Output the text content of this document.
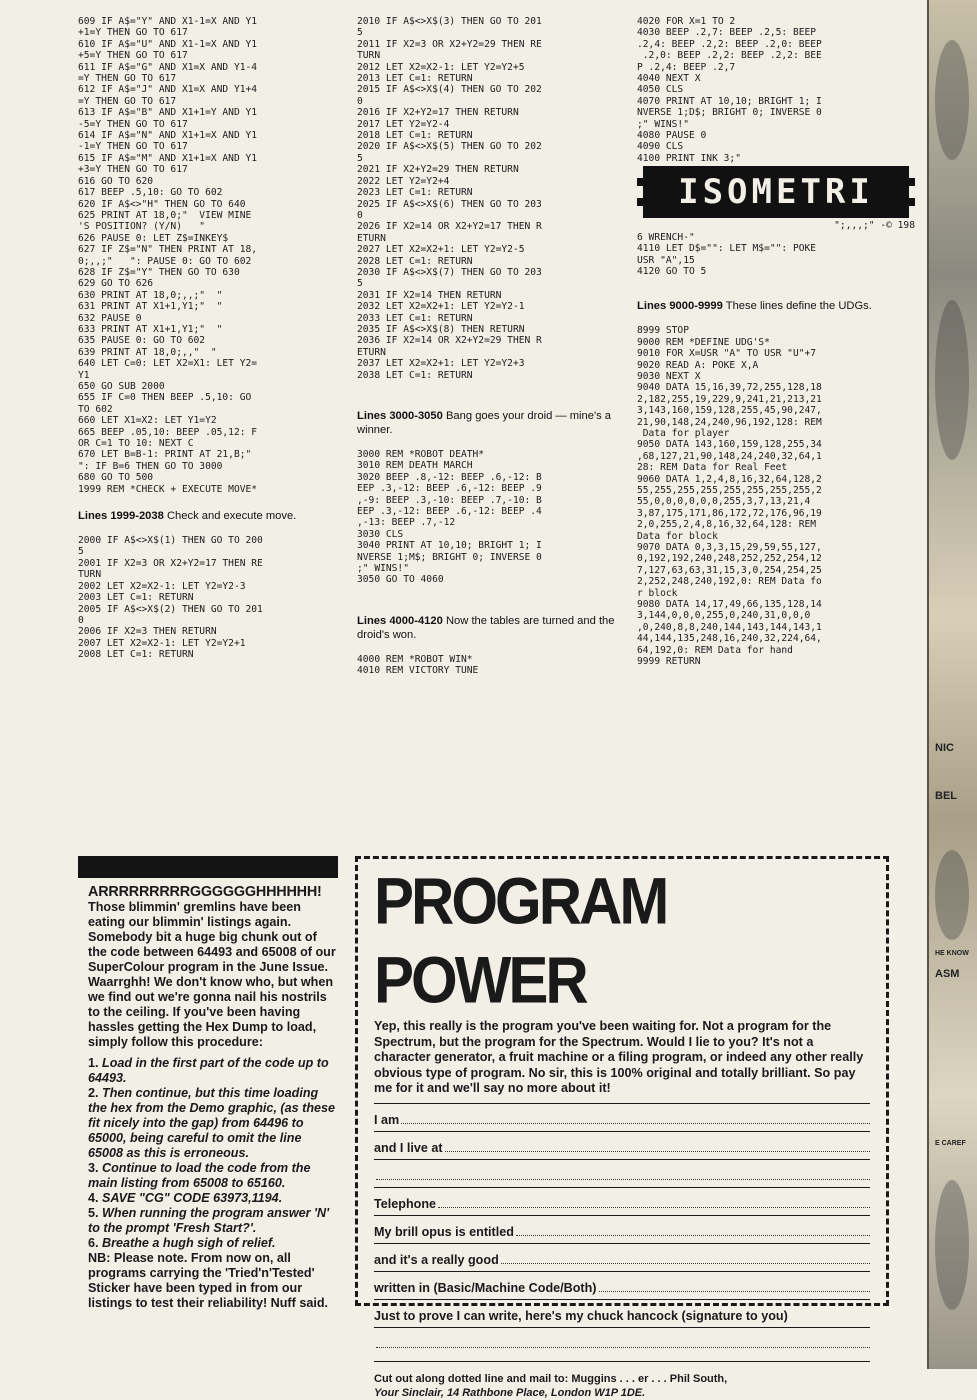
609 IF A$="Y" AND X1-1=X AND Y1
+1=Y THEN GO TO 617
610 IF A$="U" AND X1-1=X AND Y1
+5=Y THEN GO TO 617
611 IF A$="G" AND X1=X AND Y1-4
=Y THEN GO TO 617
612 IF A$="J" AND X1=X AND Y1+4
=Y THEN GO TO 617
613 IF A$="B" AND X1+1=Y AND Y1
-5=Y THEN GO TO 617
614 IF A$="N" AND X1+1=X AND Y1
-1=Y THEN GO TO 617
615 IF A$="M" AND X1+1=X AND Y1
+3=Y THEN GO TO 617
616 GO TO 620
617 BEEP .5,10: GO TO 602
620 IF A$<>"H" THEN GO TO 640
625 PRINT AT 18,0;"  VIEW MINE
'S POSITION? (Y/N)   "
626 PAUSE 0: LET Z$=INKEY$
627 IF Z$="N" THEN PRINT AT 18,
0;,,;"   ": PAUSE 0: GO TO 602
628 IF Z$="Y" THEN GO TO 630
629 GO TO 626
630 PRINT AT 18,0;,,;"  "
631 PRINT AT X1+1,Y1;"  "
632 PAUSE 0
633 PRINT AT X1+1,Y1;"  "
635 PAUSE 0: GO TO 602
639 PRINT AT 18,0;,,"  "
640 LET C=0: LET X2=X1: LET Y2=
Y1
650 GO SUB 2000
655 IF C=0 THEN BEEP .5,10: GO
TO 602
660 LET X1=X2: LET Y1=Y2
665 BEEP .05,10: BEEP .05,12: F
OR C=1 TO 10: NEXT C
670 LET B=B-1: PRINT AT 21,B;"
": IF B=6 THEN GO TO 3000
680 GO TO 500
1999 REM *CHECK + EXECUTE MOVE*

Lines 1999-2038 Check and execute move.

2000 IF A$<>X$(1) THEN GO TO 200
5
2001 IF X2=3 OR X2+Y2=17 THEN RE
TURN
2002 LET X2=X2-1: LET Y2=Y2-3
2003 LET C=1: RETURN
2005 IF A$<>X$(2) THEN GO TO 201
0
2006 IF X2=3 THEN RETURN
2007 LET X2=X2-1: LET Y2=Y2+1
2008 LET C=1: RETURN
2010 IF A$<>X$(3) THEN GO TO 201
5
2011 IF X2=3 OR X2+Y2=29 THEN RE
TURN
2012 LET X2=X2-1: LET Y2=Y2+5
2013 LET C=1: RETURN
2015 IF A$<>X$(4) THEN GO TO 202
0
2016 IF X2+Y2=17 THEN RETURN
2017 LET Y2=Y2-4
2018 LET C=1: RETURN
2020 IF A$<>X$(5) THEN GO TO 202
5
2021 IF X2+Y2=29 THEN RETURN
2022 LET Y2=Y2+4
2023 LET C=1: RETURN
2025 IF A$<>X$(6) THEN GO TO 203
0
2026 IF X2=14 OR X2+Y2=17 THEN R
ETURN
2027 LET X2=X2+1: LET Y2=Y2-5
2028 LET C=1: RETURN
2030 IF A$<>X$(7) THEN GO TO 203
5
2031 IF X2=14 THEN RETURN
2032 LET X2=X2+1: LET Y2=Y2-1
2033 LET C=1: RETURN
2035 IF A$<>X$(8) THEN RETURN
2036 IF X2=14 OR X2+Y2=29 THEN R
ETURN
2037 LET X2=X2+1: LET Y2=Y2+3
2038 LET C=1: RETURN

Lines 3000-3050 Bang goes your droid — mine's a winner.

3000 REM *ROBOT DEATH*
3010 REM DEATH MARCH
3020 BEEP .8,-12: BEEP .6,-12: B
EEP .3,-12: BEEP .6,-12: BEEP .9
,-9: BEEP .3,-10: BEEP .7,-10: B
EEP .3,-12: BEEP .6,-12: BEEP .4
,-13: BEEP .7,-12
3030 CLS
3040 PRINT AT 10,10; BRIGHT 1; I
NVERSE 1;M$; BRIGHT 0; INVERSE 0
;" WINS!"
3050 GO TO 4060

Lines 4000-4120 Now the tables are turned and the droid's won.

4000 REM *ROBOT WIN*
4010 REM VICTORY TUNE
4020 FOR X=1 TO 2
4030 BEEP .2,7: BEEP .2,5: BEEP
.2,4: BEEP .2,2: BEEP .2,0: BEEP
.2,0: BEEP .2,2: BEEP .2,2: BEE
P .2,4: BEEP .2,7
4040 NEXT X
4050 CLS
4070 PRINT AT 10,10; BRIGHT 1; I
NVERSE 1;D$; BRIGHT 0; INVERSE 0
;" WINS!"
4080 PAUSE 0
4090 CLS
4100 PRINT INK 3;"
ISOMETRI
";,,,;" -© 198
6 WRENCH-"
4110 LET D$="": LET M$="": POKE
USR "A",15
4120 GO TO 5

Lines 9000-9999 These lines define the UDGs.

8999 STOP
9000 REM *DEFINE UDG'S*
9010 FOR X=USR "A" TO USR "U"+7
9020 READ A: POKE X,A
9030 NEXT X
9040 DATA 15,16,39,72,255,128,18
2,182,255,19,229,9,241,21,213,21
3,143,160,159,128,255,45,90,247,
21,90,148,24,240,96,192,128: REM
Data for player
9050 DATA 143,160,159,128,255,34
,68,127,21,90,148,24,240,32,64,1
28: REM Data for Real Feet
9060 DATA 1,2,4,8,16,32,64,128,2
55,255,255,255,255,255,255,255,2
55,0,0,0,0,0,0,255,3,7,13,21,4
3,87,175,171,86,172,72,176,96,19
2,0,255,2,4,8,16,32,64,128: REM
Data for block
9070 DATA 0,3,3,15,29,59,55,127,
0,192,192,240,248,252,252,254,12
7,127,63,63,31,15,3,0,254,254,25
2,252,248,240,192,0: REM Data fo
r block
9080 DATA 14,17,49,66,135,128,14
3,144,0,0,0,255,0,240,31,0,0,0
,0,240,8,8,240,144,143,144,143,1
44,144,135,248,16,240,32,224,64,
64,192,0: REM Data for hand
9999 RETURN
ARRRRRRRRRGGGGGGHHHHHH!

Those blimmin' gremlins have been eating our blimmin' listings again. Somebody bit a huge big chunk out of the code between 64493 and 65008 of our SuperColour program in the June Issue. Waarrghh! We don't know who, but when we find out we're gonna nail his nostrils to the ceiling. If you've been having hassles getting the Hex Dump to load, simply follow this procedure:

1. Load in the first part of the code up to 64493.
2. Then continue, but this time loading the hex from the Demo graphic, (as these fit nicely into the gap) from 64496 to 65000, being careful to omit the line 65008 as this is erroneous.
3. Continue to load the code from the main listing from 65008 to 65160.
4. SAVE "CG" CODE 63973,1194.
5. When running the program answer 'N' to the prompt 'Fresh Start?'.
6. Breathe a hugh sigh of relief.

NB: Please note. From now on, all programs carrying the 'Tried'n'Tested' Sticker have been typed in from our listings to test their reliability! Nuff said.

PROGRAM POWER

Yep, this really is the program you've been waiting for. Not a program for the Spectrum, but the program for the Spectrum. Would I lie to you? It's not a character generator, a fruit machine or a filing program, or indeed any other really obvious type of program. No sir, this is 100% original and totally brilliant. So pay me for it and we'll say no more about it!

I am
and I live at
Telephone
My brill opus is entitled
and it's a really good
written in (Basic/Machine Code/Both)
Just to prove I can write, here's my chuck hancock (signature to you)
Cut out along dotted line and mail to: Muggins . . . er . . . Phil South,
Your Sinclair, 14 Rathbone Place, London W1P 1DE.
NIC
BEL
HE KNOW
ASM
E CAREF
